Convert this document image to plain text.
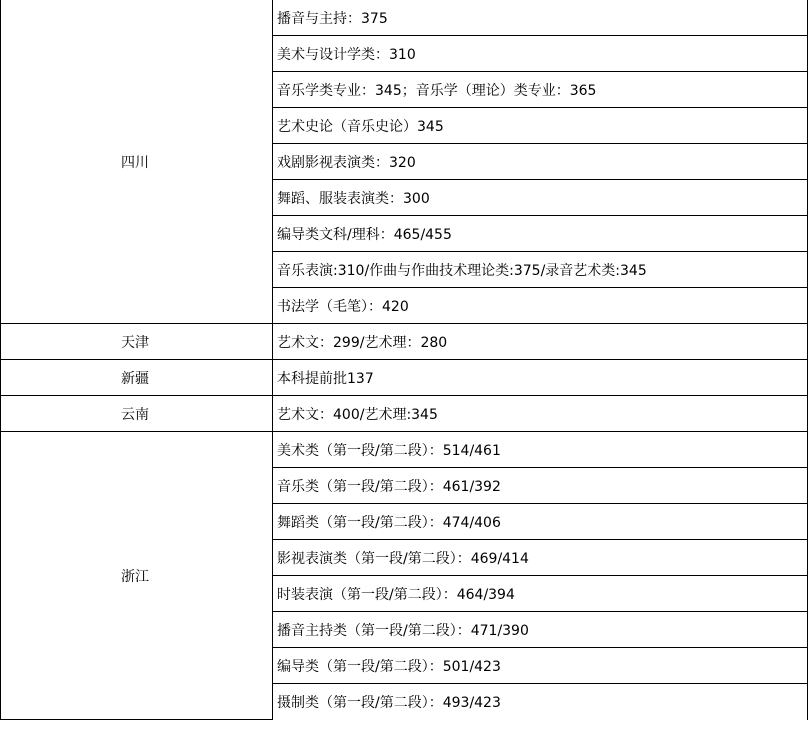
四川	播音与主持：375
	美术与设计学类：310
	音乐学类专业：345；音乐学（理论）类专业：365
	艺术史论（音乐史论）345
	戏剧影视表演类：320
	舞蹈、服装表演类：300
	编导类文科/理科：465/455
	音乐表演:310/作曲与作曲技术理论类:375/录音艺术类:345
	书法学（毛笔）：420
天津	艺术文：299/艺术理：280
新疆	本科提前批137
云南	艺术文：400/艺术理:345
浙江	美术类（第一段/第二段）：514/461
	音乐类（第一段/第二段）：461/392
	舞蹈类（第一段/第二段）：474/406
	影视表演类（第一段/第二段）：469/414
	时装表演（第一段/第二段）：464/394
	播音主持类（第一段/第二段）：471/390
	编导类（第一段/第二段）：501/423
	摄制类（第一段/第二段）：493/423
